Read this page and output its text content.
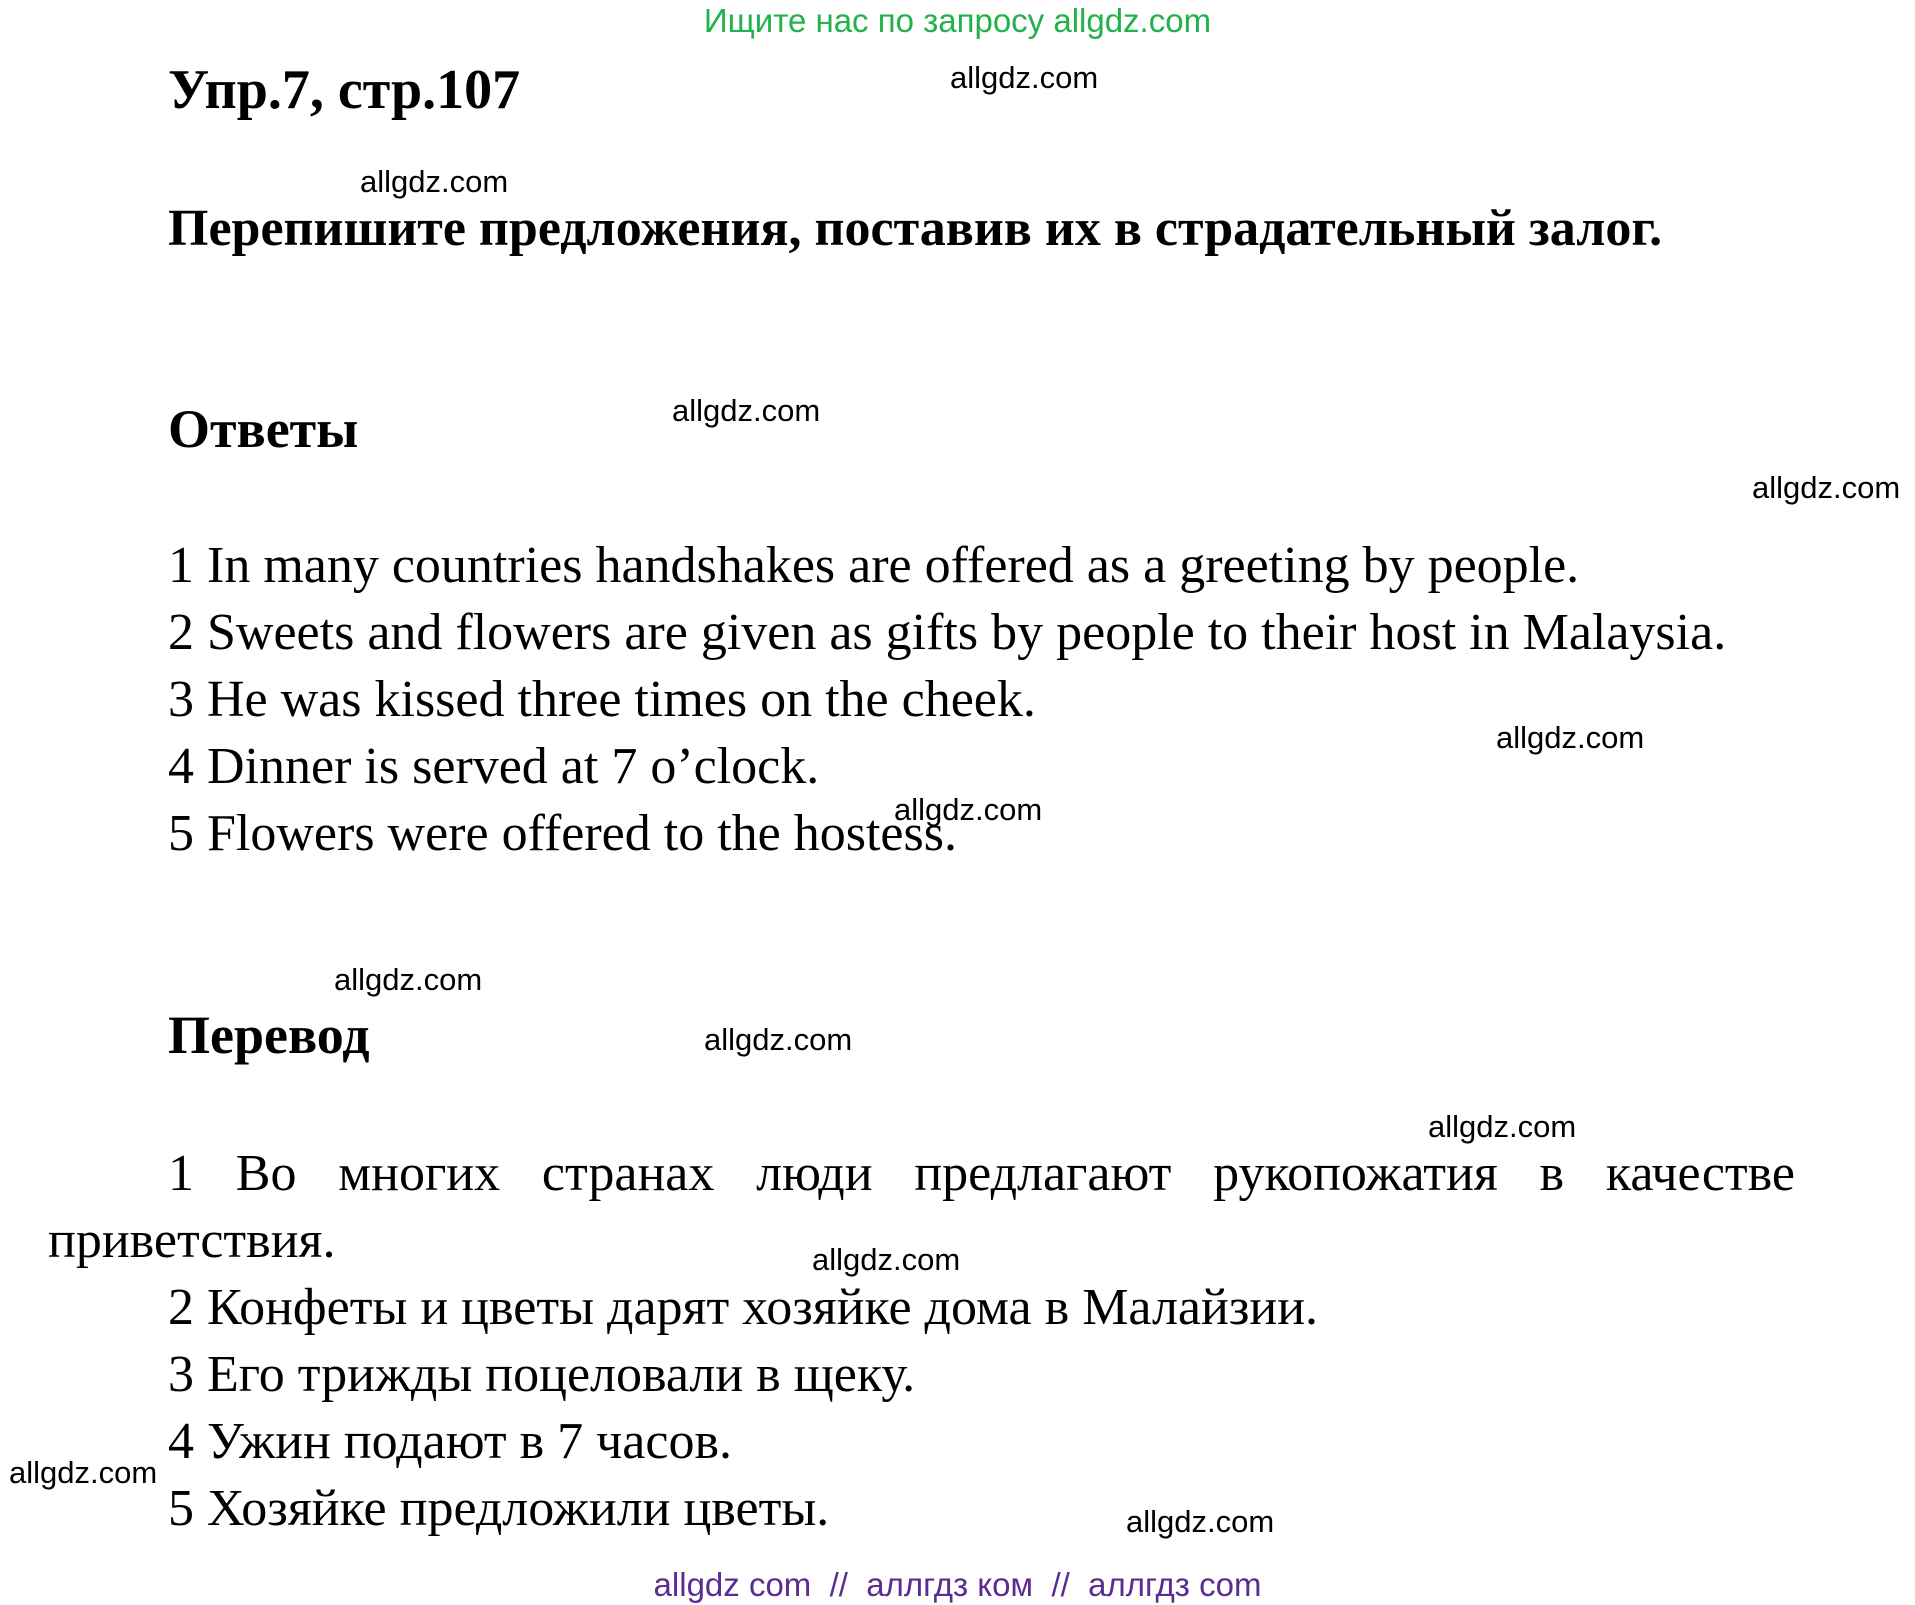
Ищите нас по запросу allgdz.com
Упр.7, стр.107

Перепишите предложения, поставив их в страдательный залог.

Ответы

1 In many countries handshakes are offered as a greeting by people.

2 Sweets and flowers are given as gifts by people to their host in Malaysia.

3 He was kissed three times on the cheek.

4 Dinner is served at 7 o’clock.

5 Flowers were offered to the hostess.

Перевод

1 Во многих странах люди предлагают рукопожатия в качестве приветствия.

2 Конфеты и цветы дарят хозяйке дома в Малайзии.

3 Его трижды поцеловали в щеку.

4 Ужин подают в 7 часов.

5 Хозяйке предложили цветы.

allgdz.com
allgdz.com
allgdz.com
allgdz.com
allgdz.com
allgdz.com
allgdz.com
allgdz.com
allgdz.com
allgdz.com
allgdz.com
allgdz.com
allgdz com  //  аллгдз ком  //  аллгдз com
